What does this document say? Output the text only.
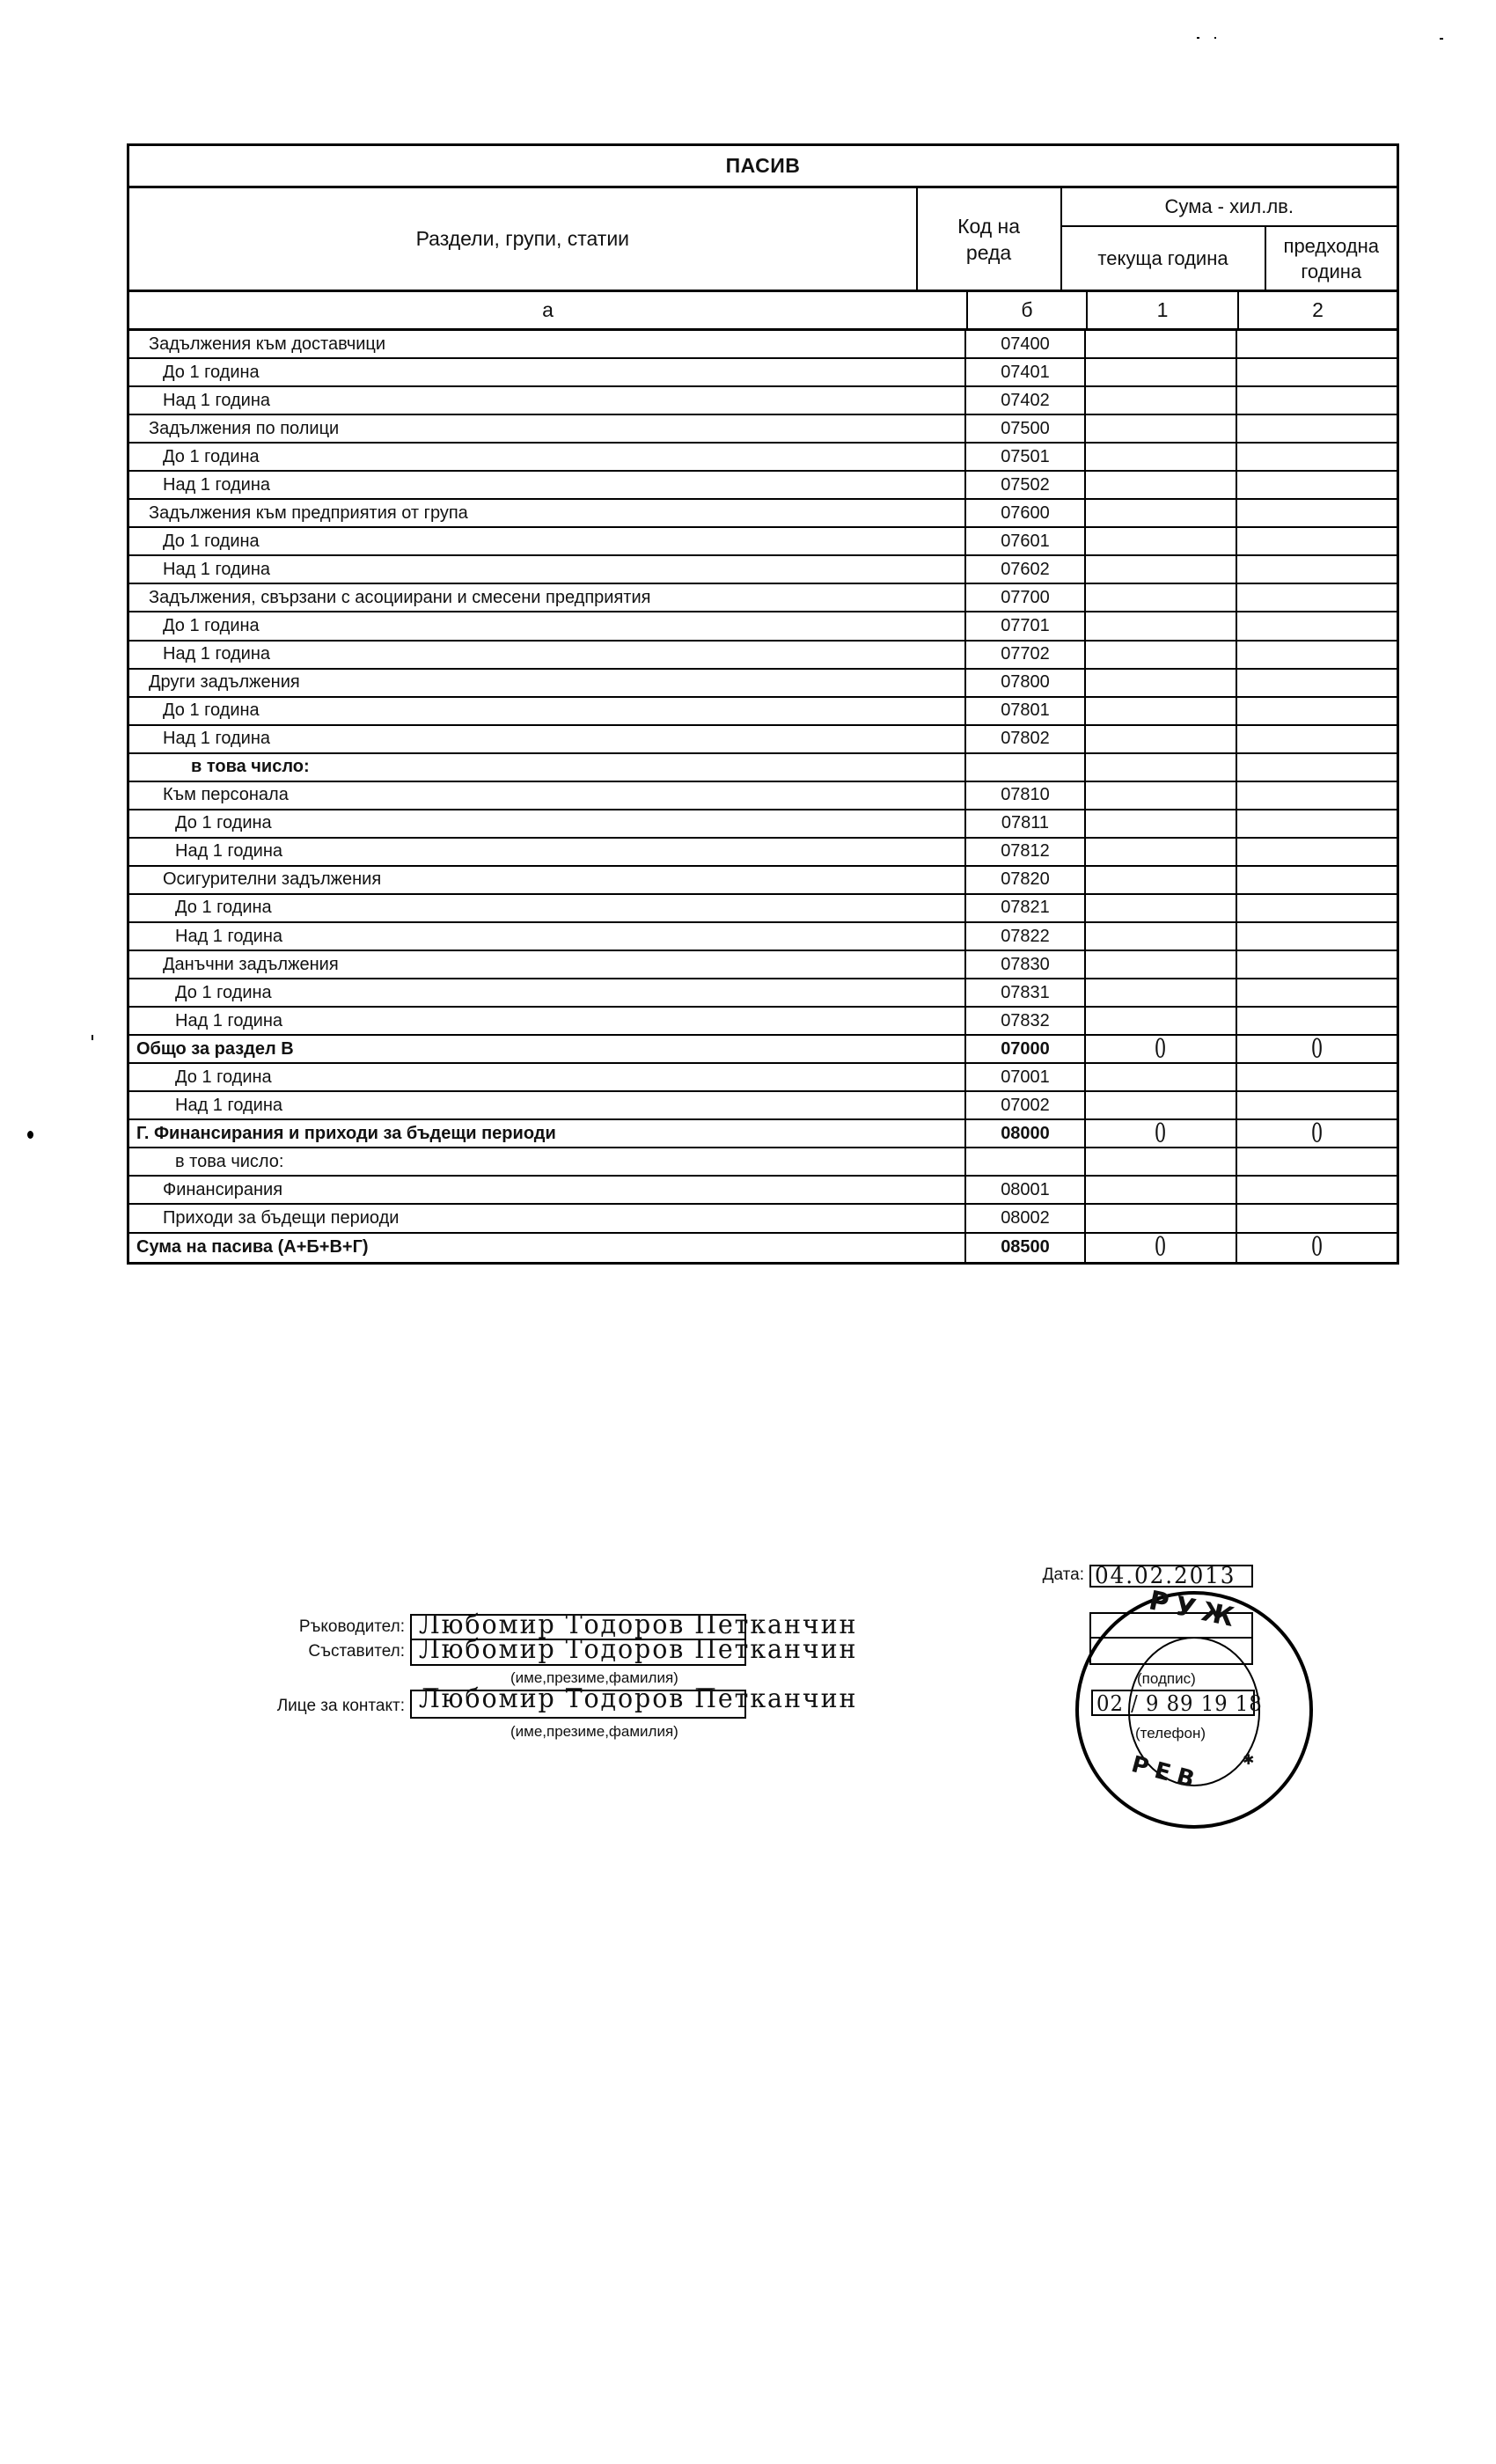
ПАСИВ
Раздели, групи, статии
Код на реда
Сума - хил.лв.
текуща година
предходна година
а	б	1	2
Задължения към доставчици	07400
До 1 година	07401
Над 1 година	07402
Задължения по полици	07500
До 1 година	07501
Над 1 година	07502
Задължения към предприятия от група	07600
До 1 година	07601
Над 1 година	07602
Задължения, свързани с асоциирани и смесени предприятия	07700
До 1 година	07701
Над 1 година	07702
Други задължения	07800
До 1 година	07801
Над 1 година	07802
в това число:
Към персонала	07810
До 1 година	07811
Над 1 година	07812
Осигурителни задължения	07820
До 1 година	07821
Над 1 година	07822
Данъчни задължения	07830
До 1 година	07831
Над 1 година	07832
Общо за раздел В	07000	0	0
До 1 година	07001
Над 1 година	07002
Г. Финансирания и приходи за бъдещи периоди	08000	0	0
в това число:
Финансирания	08001
Приходи за бъдещи периоди	08002
Сума на пасива (А+Б+В+Г)	08500	0	0
Дата: 04.02.2013
Ръководител: Любомир Тодоров Петканчин
Съставител: Любомир Тодоров Петканчин
(име,презиме,фамилия)
Лице за контакт: Любомир Тодоров Петканчин
(име,презиме,фамилия)
(подпис)
02 / 9 89 19 18
(телефон)
РУЖ
РЕВ	✱
